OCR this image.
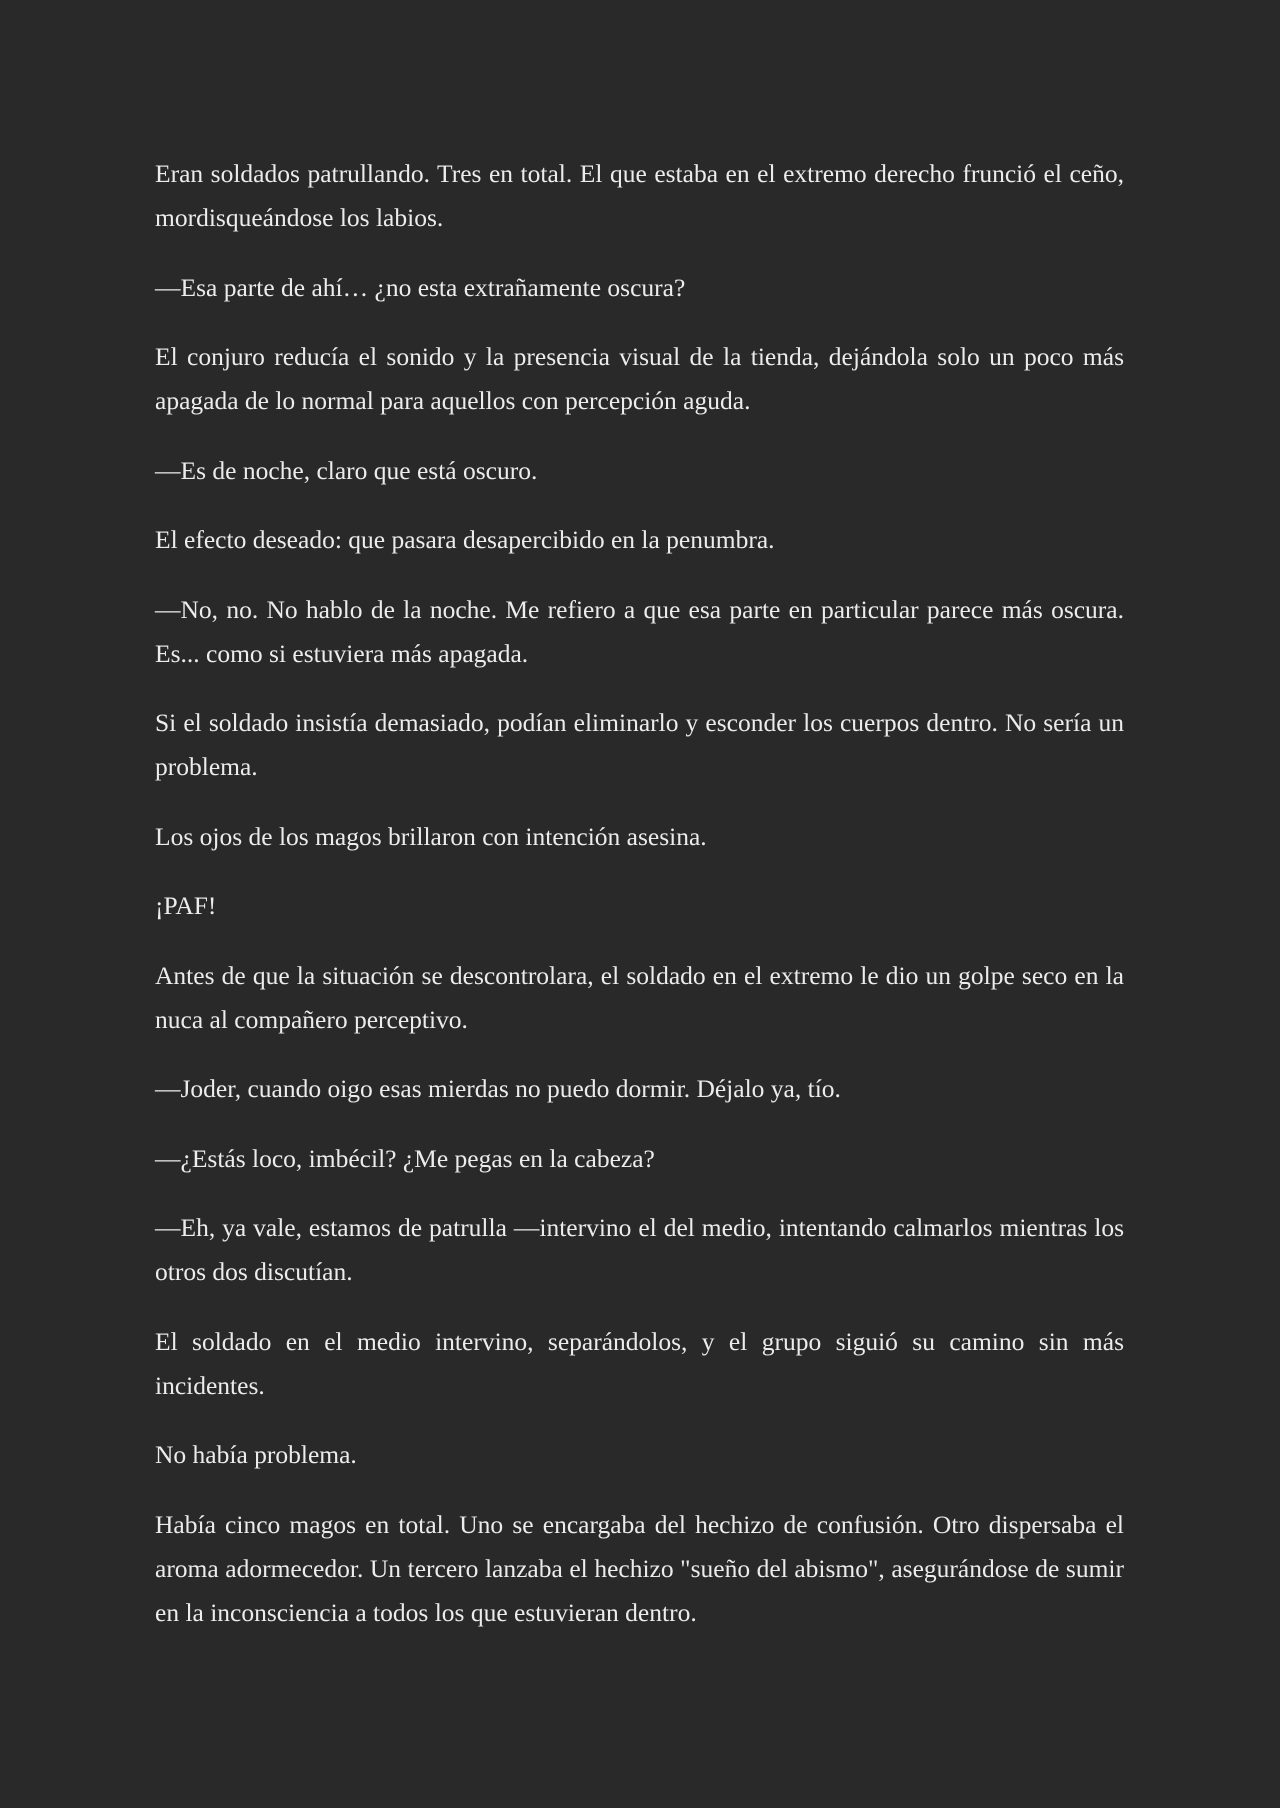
Eran soldados patrullando. Tres en total. El que estaba en el extremo derecho frunció el ceño, mordisqueándose los labios.

—Esa parte de ahí… ¿no esta extrañamente oscura?

El conjuro reducía el sonido y la presencia visual de la tienda, dejándola solo un poco más apagada de lo normal para aquellos con percepción aguda.

—Es de noche, claro que está oscuro.

El efecto deseado: que pasara desapercibido en la penumbra.

—No, no. No hablo de la noche. Me refiero a que esa parte en particular parece más oscura. Es... como si estuviera más apagada.

Si el soldado insistía demasiado, podían eliminarlo y esconder los cuerpos dentro. No sería un problema.

Los ojos de los magos brillaron con intención asesina.

¡PAF!

Antes de que la situación se descontrolara, el soldado en el extremo le dio un golpe seco en la nuca al compañero perceptivo.

—Joder, cuando oigo esas mierdas no puedo dormir. Déjalo ya, tío.

—¿Estás loco, imbécil? ¿Me pegas en la cabeza?

—Eh, ya vale, estamos de patrulla —intervino el del medio, intentando calmarlos mientras los otros dos discutían.

El soldado en el medio intervino, separándolos, y el grupo siguió su camino sin más incidentes.

No había problema.

Había cinco magos en total. Uno se encargaba del hechizo de confusión. Otro dispersaba el aroma adormecedor. Un tercero lanzaba el hechizo "sueño del abismo", asegurándose de sumir en la inconsciencia a todos los que estuvieran dentro.
